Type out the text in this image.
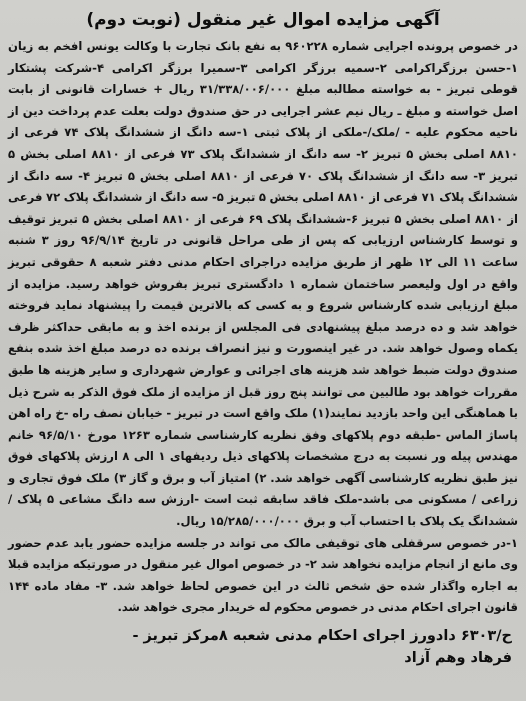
آگهی مزایده اموال غیر منقول (نوبت دوم)

در خصوص پرونده اجرایی شماره ۹۶۰۲۲۸ به نفع بانک تجارت با وکالت یونس افخم به زیان ۱-حسن برزگراکرامی ۲-سمیه برزگر اکرامی ۳-سمیرا برزگر اکرامی ۴-شرکت پشتکار قوطی تبریز - به خواسته مطالبه مبلغ ۳۱/۳۳۸/۰۰۶/۰۰۰ ریال + خسارات قانونی از بابت اصل خواسته و مبلغ ـ ریال نیم عشر اجرایی در حق صندوق دولت بعلت عدم پرداخت دین از ناحیه محکوم علیه - /ملک/-ملکی از پلاک ثبتی ۱-سه دانگ از ششدانگ پلاک ۷۴ فرعی از ۸۸۱۰ اصلی بخش ۵ تبریز ۲- سه دانگ از ششدانگ پلاک ۷۳ فرعی از ۸۸۱۰ اصلی بخش ۵ تبریز ۳- سه دانگ از ششدانگ پلاک ۷۰ فرعی از ۸۸۱۰ اصلی بخش ۵ تبریز ۴- سه دانگ از ششدانگ پلاک ۷۱ فرعی از ۸۸۱۰ اصلی بخش ۵ تبریز ۵- سه دانگ از ششدانگ پلاک ۷۲ فرعی از ۸۸۱۰ اصلی بخش ۵ تبریز ۶-ششدانگ پلاک ۶۹ فرعی از ۸۸۱۰ اصلی بخش ۵ تبریز توقیف و توسط کارشناس ارزیابی که پس از طی مراحل قانونی در تاریخ ۹۶/۹/۱۴ روز ۳ شنبه ساعت ۱۱ الی ۱۲ ظهر از طریق مزایده دراجرای احکام مدنی دفتر شعبه ۸ حقوقی تبریز واقع در اول ولیعصر ساختمان شماره ۱ دادگستری تبریز بفروش خواهد رسید. مزایده از مبلغ ارزیابی شده کارشناس شروع و به کسی که بالاترین قیمت را پیشنهاد نماید فروخته خواهد شد و ده درصد مبلغ پیشنهادی فی المجلس از برنده اخذ و به مابقی حداکثر ظرف یکماه وصول خواهد شد. در غیر اینصورت و نیز انصراف برنده ده درصد مبلغ اخذ شده بنفع صندوق دولت ضبط خواهد شد هزینه های اجرائی و عوارض شهرداری و سایر هزینه ها طبق مقررات خواهد بود طالبین می توانند پنج روز قبل از مزایده از ملک فوق الذکر به شرح ذیل با هماهنگی این واحد بازدید نمایند(۱) ملک واقع است در تبریز - خیابان نصف راه -خ راه اهن پاساژ الماس -طبقه دوم پلاکهای وفق نظریه کارشناسی شماره ۱۲۶۳ مورخ ۹۶/۵/۱۰ خانم مهندس پیله ور نسبت به درج مشخصات پلاکهای ذیل ردیفهای ۱ الی ۸ ارزش پلاکهای فوق نیز طبق نظریه کارشناسی آگهی خواهد شد. ۲) امتیاز آب و برق و گاز ۳) ملک فوق تجاری و زراعی / مسکونی می باشد-ملک فاقد سابقه ثبت است -ارزش سه دانگ مشاعی ۵ پلاک /ششدانگ یک پلاک با احتساب آب و برق ۱۵/۲۸۵/۰۰۰/۰۰۰ ریال.

۱-در خصوص سرقفلی های توقیفی مالک می تواند در جلسه مزایده حضور یابد عدم حضور وی مانع از انجام مزایده نخواهد شد ۲- در خصوص اموال غیر منقول در صورتیکه مزایده قبلا به اجاره واگذار شده حق شخص ثالث در این خصوص لحاظ خواهد شد. ۳- مفاد ماده ۱۴۴ قانون اجرای احکام مدنی در خصوص محکوم له خریدار مجری خواهد شد.

ح/۶۳۰۳ دادورز اجرای احکام مدنی شعبه ۸مرکز تبریز -
فرهاد وهم آزاد
